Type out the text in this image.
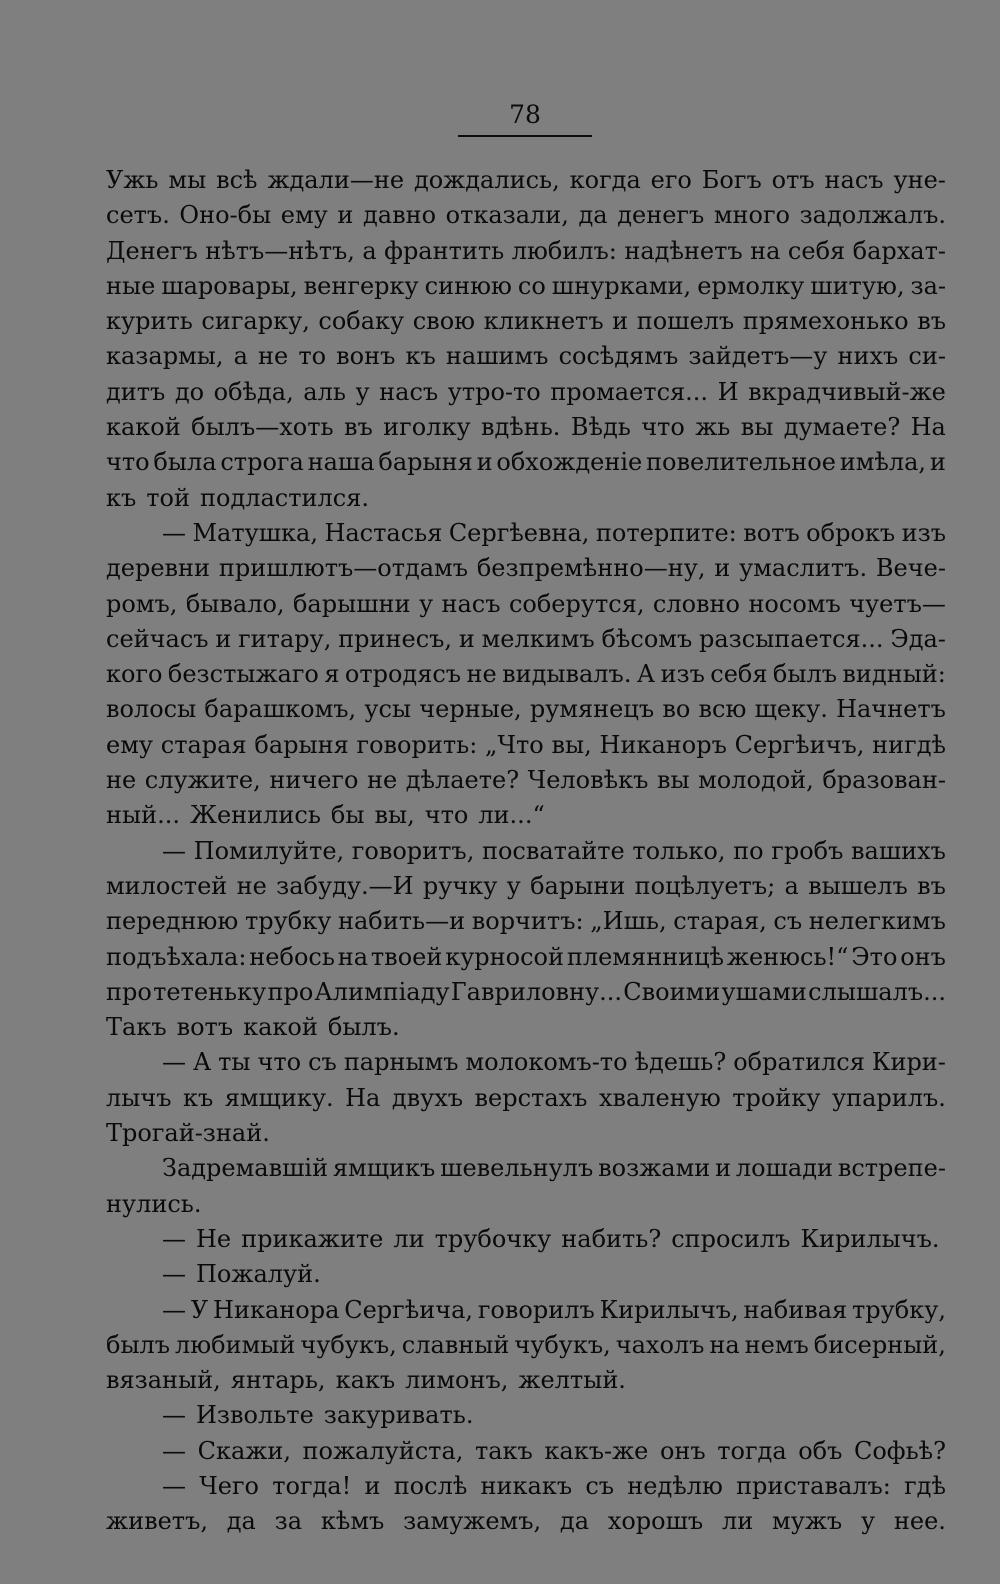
78
Ужь мы всѣ ждали—не дождались, когда его Богъ отъ насъ уне-
сетъ. Оно-бы ему и давно отказали, да денегъ много задолжалъ.
Денегъ нѣтъ—нѣтъ, а франтить любилъ: надѣнетъ на себя бархат-
ные шаровары, венгерку синюю со шнурками, ермолку шитую, за-
курить сигарку, собаку свою кликнетъ и пошелъ прямехонько въ
казармы, а не то вонъ къ нашимъ сосѣдямъ зайдетъ—у нихъ си-
дитъ до обѣда, аль у насъ утро-то промается... И вкрадчивый-же
какой былъ—хоть въ иголку вдѣнь. Вѣдь что жь вы думаете? На
что была строга наша барыня и обхожденіе повелительное имѣла, и
къ той подластился.
— Матушка, Настасья Сергѣевна, потерпите: вотъ оброкъ изъ
деревни пришлютъ—отдамъ безпремѣнно—ну, и умаслитъ. Вече-
ромъ, бывало, барышни у насъ соберутся, словно носомъ чуетъ—
сейчасъ и гитару, принесъ, и мелкимъ бѣсомъ разсыпается... Эда-
кого безстыжаго я отродясъ не видывалъ. А изъ себя былъ видный:
волосы барашкомъ, усы черные, румянецъ во всю щеку. Начнетъ
ему старая барыня говорить: „Что вы, Никаноръ Сергѣичъ, нигдѣ
не служите, ничего не дѣлаете? Человѣкъ вы молодой, бразован-
ный... Женились бы вы, что ли...“
— Помилуйте, говоритъ, посватайте только, по гробъ вашихъ
милостей не забуду.—И ручку у барыни поцѣлуетъ; а вышелъ въ
переднюю трубку набить—и ворчитъ: „Ишь, старая, съ нелегкимъ
подъѣхала: небось на твоей курносой племянницѣ женюсь!“ Это онъ
про тетеньку про Алимпіаду Гавриловну... Своими ушами слышалъ...
Такъ вотъ какой былъ.
— А ты что съ парнымъ молокомъ-то ѣдешь? обратился Кири-
лычъ къ ямщику. На двухъ верстахъ хваленую тройку упарилъ.
Трогай-знай.
Задремавшій ямщикъ шевельнулъ возжами и лошади встрепе-
нулись.
— Не прикажите ли трубочку набить? спросилъ Кирилычъ.
— Пожалуй.
— У Никанора Сергѣича, говорилъ Кирилычъ, набивая трубку,
былъ любимый чубукъ, славный чубукъ, чахолъ на немъ бисерный,
вязаный, янтарь, какъ лимонъ, желтый.
— Извольте закуривать.
— Скажи, пожалуйста, такъ какъ-же онъ тогда объ Софьѣ?
— Чего тогда! и послѣ никакъ съ недѣлю приставалъ: гдѣ
живетъ, да за кѣмъ замужемъ, да хорошъ ли мужъ у нее.
